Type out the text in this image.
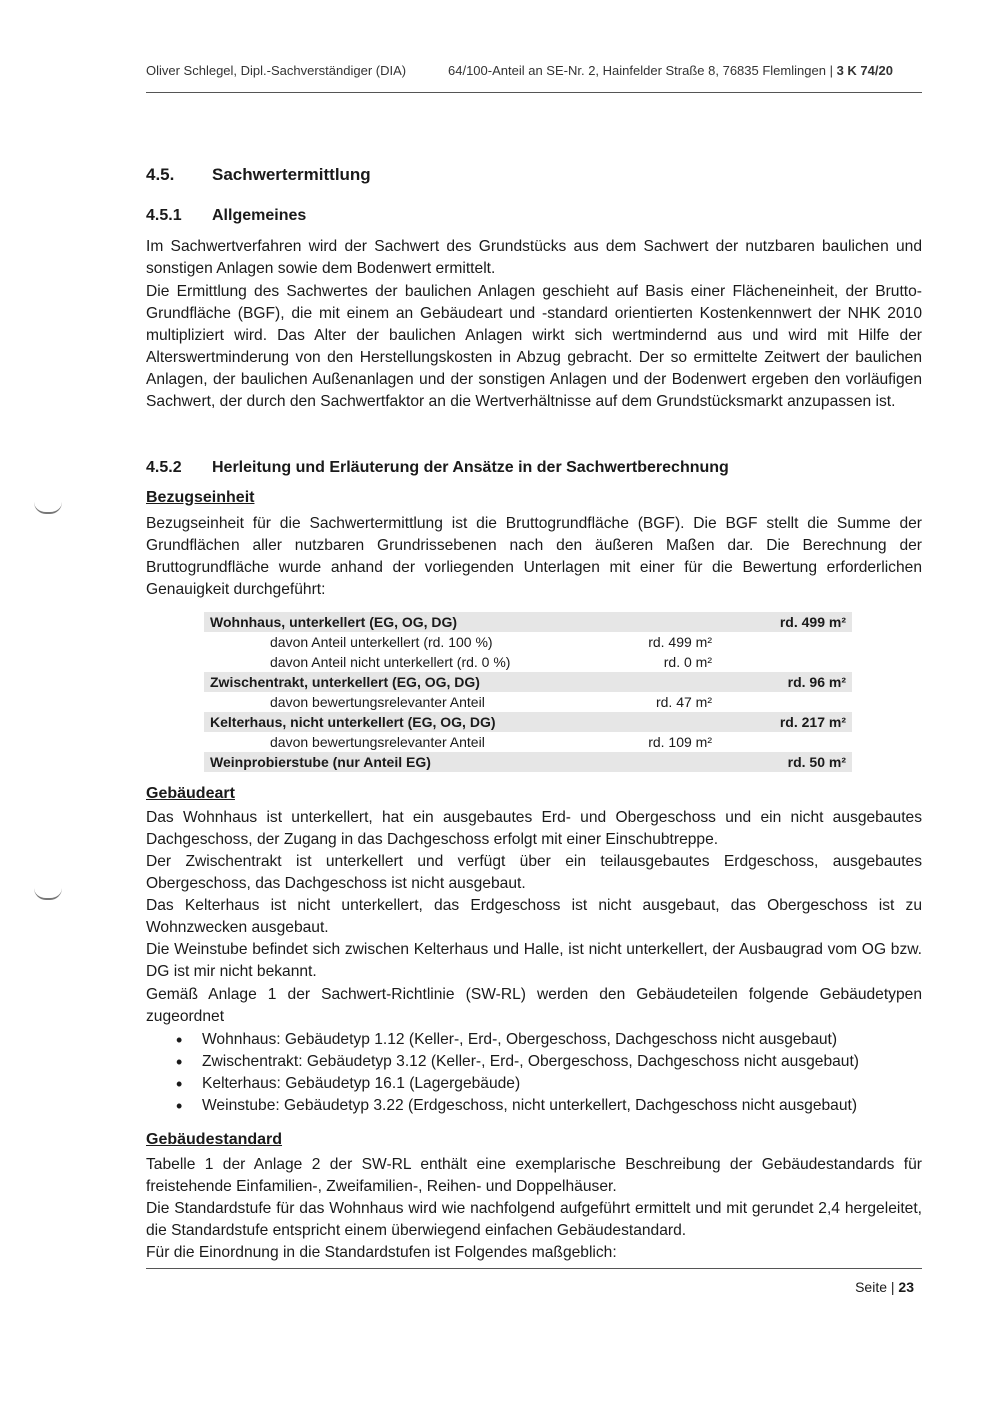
Oliver Schlegel, Dipl.-Sachverständiger (DIA)	64/100-Anteil an SE-Nr. 2, Hainfelder Straße 8, 76835 Flemlingen | 3 K 74/20
4.5. Sachwertermittlung
4.5.1 Allgemeines

Im Sachwertverfahren wird der Sachwert des Grundstücks aus dem Sachwert der nutzbaren baulichen und sonstigen Anlagen sowie dem Bodenwert ermittelt.

Die Ermittlung des Sachwertes der baulichen Anlagen geschieht auf Basis einer Flächeneinheit, der Brutto-Grundfläche (BGF), die mit einem an Gebäudeart und -standard orientierten Kostenkennwert der NHK 2010 multipliziert wird. Das Alter der baulichen Anlagen wirkt sich wertmindernd aus und wird mit Hilfe der Alterswertminderung von den Herstellungskosten in Abzug gebracht. Der so ermittelte Zeitwert der baulichen Anlagen, der baulichen Außenanlagen und der sonstigen Anlagen und der Bodenwert ergeben den vorläufigen Sachwert, der durch den Sachwertfaktor an die Wertverhältnisse auf dem Grundstücksmarkt anzupassen ist.

4.5.2 Herleitung und Erläuterung der Ansätze in der Sachwertberechnung
Bezugseinheit

Bezugseinheit für die Sachwertermittlung ist die Bruttogrundfläche (BGF). Die BGF stellt die Summe der Grundflächen aller nutzbaren Grundrissebenen nach den äußeren Maßen dar. Die Berechnung der Bruttogrundfläche wurde anhand der vorliegenden Unterlagen mit einer für die Bewertung erforderlichen Genauigkeit durchgeführt:

Wohnhaus, unterkellert (EG, OG, DG)	rd. 499 m²
davon Anteil unterkellert (rd. 100 %)	rd. 499 m²
davon Anteil nicht unterkellert (rd. 0 %)	rd. 0 m²
Zwischentrakt, unterkellert (EG, OG, DG)	rd. 96 m²
davon bewertungsrelevanter Anteil	rd. 47 m²
Kelterhaus, nicht unterkellert (EG, OG, DG)	rd. 217 m²
davon bewertungsrelevanter Anteil	rd. 109 m²
Weinprobierstube (nur Anteil EG)	rd. 50 m²
Gebäudeart

Das Wohnhaus ist unterkellert, hat ein ausgebautes Erd- und Obergeschoss und ein nicht ausgebautes Dachgeschoss, der Zugang in das Dachgeschoss erfolgt mit einer Einschubtreppe.

Der Zwischentrakt ist unterkellert und verfügt über ein teilausgebautes Erdgeschoss, ausgebautes Obergeschoss, das Dachgeschoss ist nicht ausgebaut.

Das Kelterhaus ist nicht unterkellert, das Erdgeschoss ist nicht ausgebaut, das Obergeschoss ist zu Wohnzwecken ausgebaut.

Die Weinstube befindet sich zwischen Kelterhaus und Halle, ist nicht unterkellert, der Ausbaugrad vom OG bzw. DG ist mir nicht bekannt.

Gemäß Anlage 1 der Sachwert-Richtlinie (SW-RL) werden den Gebäudeteilen folgende Gebäudetypen zugeordnet

• Wohnhaus: Gebäudetyp 1.12 (Keller-, Erd-, Obergeschoss, Dachgeschoss nicht ausgebaut)
• Zwischentrakt: Gebäudetyp 3.12 (Keller-, Erd-, Obergeschoss, Dachgeschoss nicht ausgebaut)
• Kelterhaus: Gebäudetyp 16.1 (Lagergebäude)
• Weinstube: Gebäudetyp 3.22 (Erdgeschoss, nicht unterkellert, Dachgeschoss nicht ausgebaut)
Gebäudestandard

Tabelle 1 der Anlage 2 der SW-RL enthält eine exemplarische Beschreibung der Gebäudestandards für freistehende Einfamilien-, Zweifamilien-, Reihen- und Doppelhäuser.

Die Standardstufe für das Wohnhaus wird wie nachfolgend aufgeführt ermittelt und mit gerundet 2,4 hergeleitet, die Standardstufe entspricht einem überwiegend einfachen Gebäudestandard.

Für die Einordnung in die Standardstufen ist Folgendes maßgeblich:

Seite | 23
